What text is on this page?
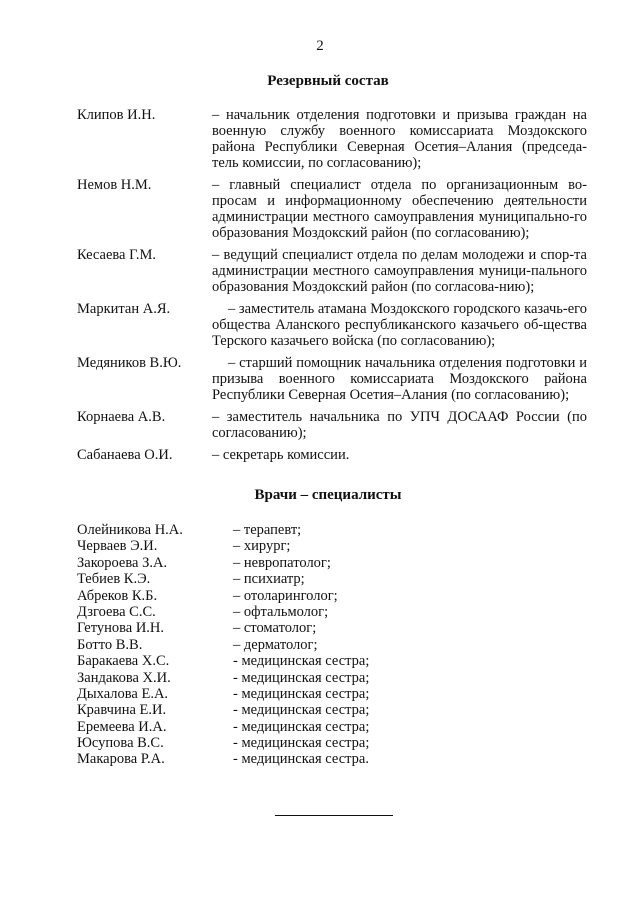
2
Резервный состав
Клипов И.Н.	– начальник отделения подготовки и призыва граждан на военную службу военного комиссариата Моздокского района Республики Северная Осетия–Алания (председа-тель комиссии, по согласованию);
Немов Н.М.	– главный специалист отдела по организационным во-просам и информационному обеспечению деятельности администрации местного самоуправления муниципально-го образования Моздокский район (по согласованию);
Кесаева Г.М.	– ведущий специалист отдела по делам молодежи и спор-та администрации местного самоуправления муници-пального образования Моздокский район (по согласова-нию);
Маркитан А.Я.	– заместитель атамана Моздокского городского казачь-его общества Аланского республиканского казачьего об-щества Терского казачьего войска (по согласованию);
Медяников В.Ю.	– старший помощник начальника отделения подготовки и призыва военного комиссариата Моздокского района Республики Северная Осетия–Алания (по согласованию);
Корнаева А.В.	– заместитель начальника по УПЧ ДОСААФ России (по согласованию);
Сабанаева О.И.	– секретарь комиссии.
Врачи – специалисты
Олейникова Н.А.	– терапевт;
Черваев Э.И.	– хирург;
Закороева З.А.	– невропатолог;
Тебиев К.Э.	– психиатр;
Абреков К.Б.	– отоларинголог;
Дзгоева С.С.	– офтальмолог;
Гетунова И.Н.	– стоматолог;
Ботто В.В.	– дерматолог;
Баракаева Х.С.	- медицинская сестра;
Зандакова Х.И.	- медицинская сестра;
Дыхалова Е.А.	- медицинская сестра;
Кравчина Е.И.	- медицинская сестра;
Еремеева И.А.	- медицинская сестра;
Юсупова В.С.	- медицинская сестра;
Макарова Р.А.	- медицинская сестра.
